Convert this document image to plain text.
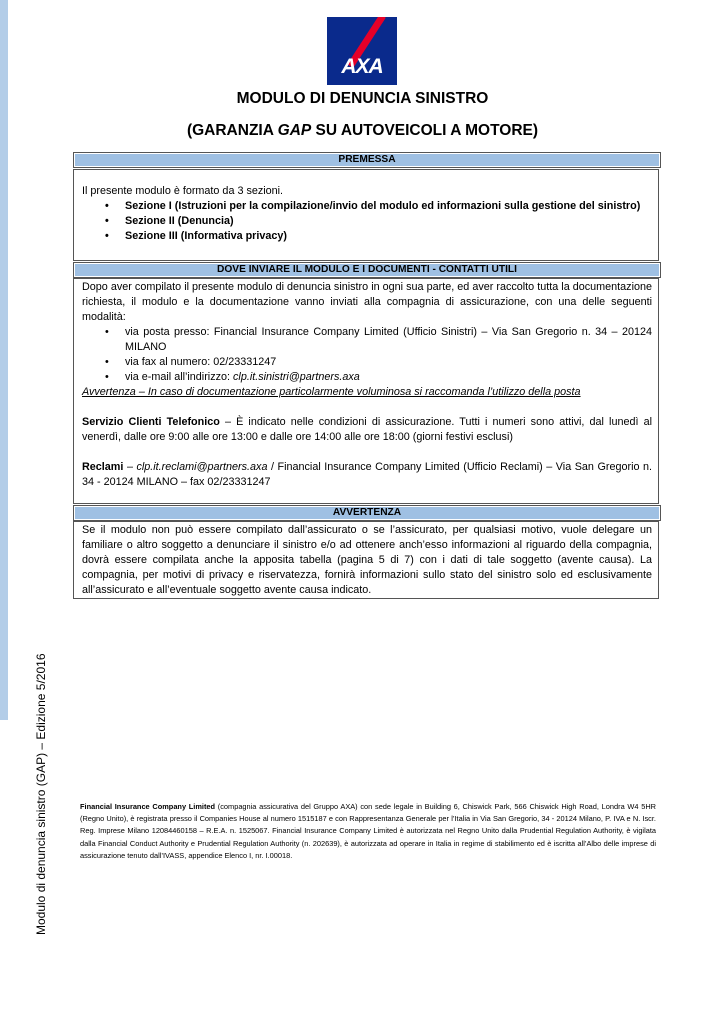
AXA
MODULO DI DENUNCIA SINISTRO
(GARANZIA GAP SU AUTOVEICOLI A MOTORE)
PREMESSA
Il presente modulo è formato da 3 sezioni.
• Sezione I (Istruzioni per la compilazione/invio del modulo ed informazioni sulla gestione del sinistro)
• Sezione II (Denuncia)
• Sezione III (Informativa privacy)
DOVE INVIARE IL MODULO E I DOCUMENTI - CONTATTI UTILI
Dopo aver compilato il presente modulo di denuncia sinistro in ogni sua parte, ed aver raccolto tutta la documentazione richiesta, il modulo e la documentazione vanno inviati alla compagnia di assicurazione, con una delle seguenti modalità:
• via posta presso: Financial Insurance Company Limited (Ufficio Sinistri) – Via San Gregorio n. 34 – 20124 MILANO
• via fax al numero: 02/23331247
• via e-mail all’indirizzo: clp.it.sinistri@partners.axa
Avvertenza – In caso di documentazione particolarmente voluminosa si raccomanda l’utilizzo della posta
Servizio Clienti Telefonico – È indicato nelle condizioni di assicurazione. Tutti i numeri sono attivi, dal lunedì al venerdì, dalle ore 9:00 alle ore 13:00 e dalle ore 14:00 alle ore 18:00 (giorni festivi esclusi)
Reclami – clp.it.reclami@partners.axa / Financial Insurance Company Limited (Ufficio Reclami) – Via San Gregorio n. 34 - 20124 MILANO – fax 02/23331247
AVVERTENZA
Se il modulo non può essere compilato dall’assicurato o se l’assicurato, per qualsiasi motivo, vuole delegare un familiare o altro soggetto a denunciare il sinistro e/o ad ottenere anch’esso informazioni al riguardo della compagnia, dovrà essere compilata anche la apposita tabella (pagina 5 di 7) con i dati di tale soggetto (avente causa). La compagnia, per motivi di privacy e riservatezza, fornirà informazioni sullo stato del sinistro solo ed esclusivamente all’assicurato e all’eventuale soggetto avente causa indicato.
Modulo di denuncia sinistro (GAP) – Edizione 5/2016	Financial Insurance Company Limited (compagnia assicurativa del Gruppo AXA) con sede legale in Building 6, Chiswick Park, 566 Chiswick High Road, Londra W4 5HR (Regno Unito), è registrata presso il Companies House al numero 1515187 e con Rappresentanza Generale per l’Italia in Via San Gregorio, 34 - 20124 Milano, P. IVA e N. Iscr. Reg. Imprese Milano 12084460158 – R.E.A. n. 1525067. Financial Insurance Company Limited è autorizzata nel Regno Unito dalla Prudential Regulation Authority, è vigilata dalla Financial Conduct Authority e Prudential Regulation Authority (n. 202639), è autorizzata ad operare in Italia in regime di stabilimento ed è iscritta all’Albo delle imprese di assicurazione tenuto dall’IVASS, appendice Elenco I, nr. I.00018.
